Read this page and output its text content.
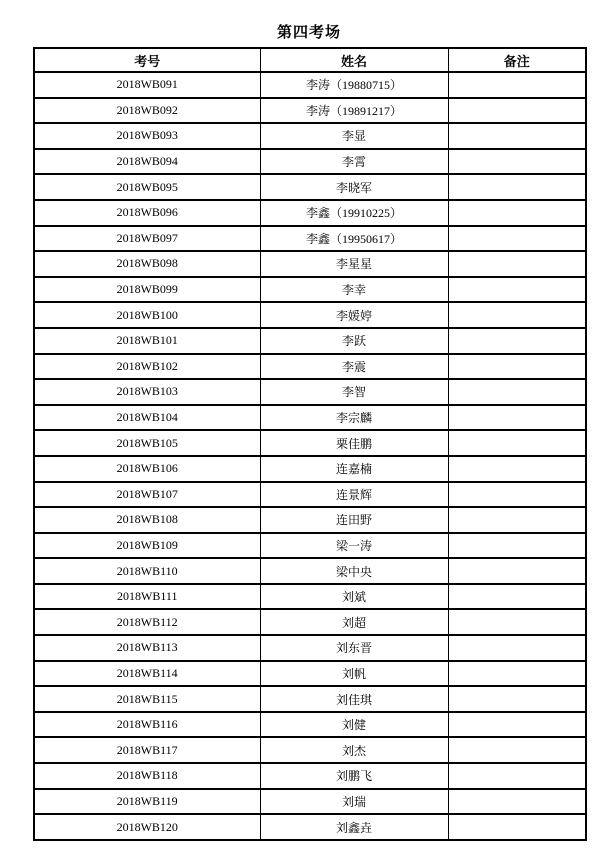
第四考场
考号	姓名	备注
2018WB091	李涛（19880715）	
2018WB092	李涛（19891217）	
2018WB093	李显	
2018WB094	李霄	
2018WB095	李晓军	
2018WB096	李鑫（19910225）	
2018WB097	李鑫（19950617）	
2018WB098	李星星	
2018WB099	李幸	
2018WB100	李媛婷	
2018WB101	李跃	
2018WB102	李震	
2018WB103	李智	
2018WB104	李宗麟	
2018WB105	栗佳鹏	
2018WB106	连嘉楠	
2018WB107	连景辉	
2018WB108	连田野	
2018WB109	梁一涛	
2018WB110	梁中央	
2018WB111	刘斌	
2018WB112	刘超	
2018WB113	刘东晋	
2018WB114	刘帆	
2018WB115	刘佳琪	
2018WB116	刘健	
2018WB117	刘杰	
2018WB118	刘鹏飞	
2018WB119	刘瑞	
2018WB120	刘鑫垚	
